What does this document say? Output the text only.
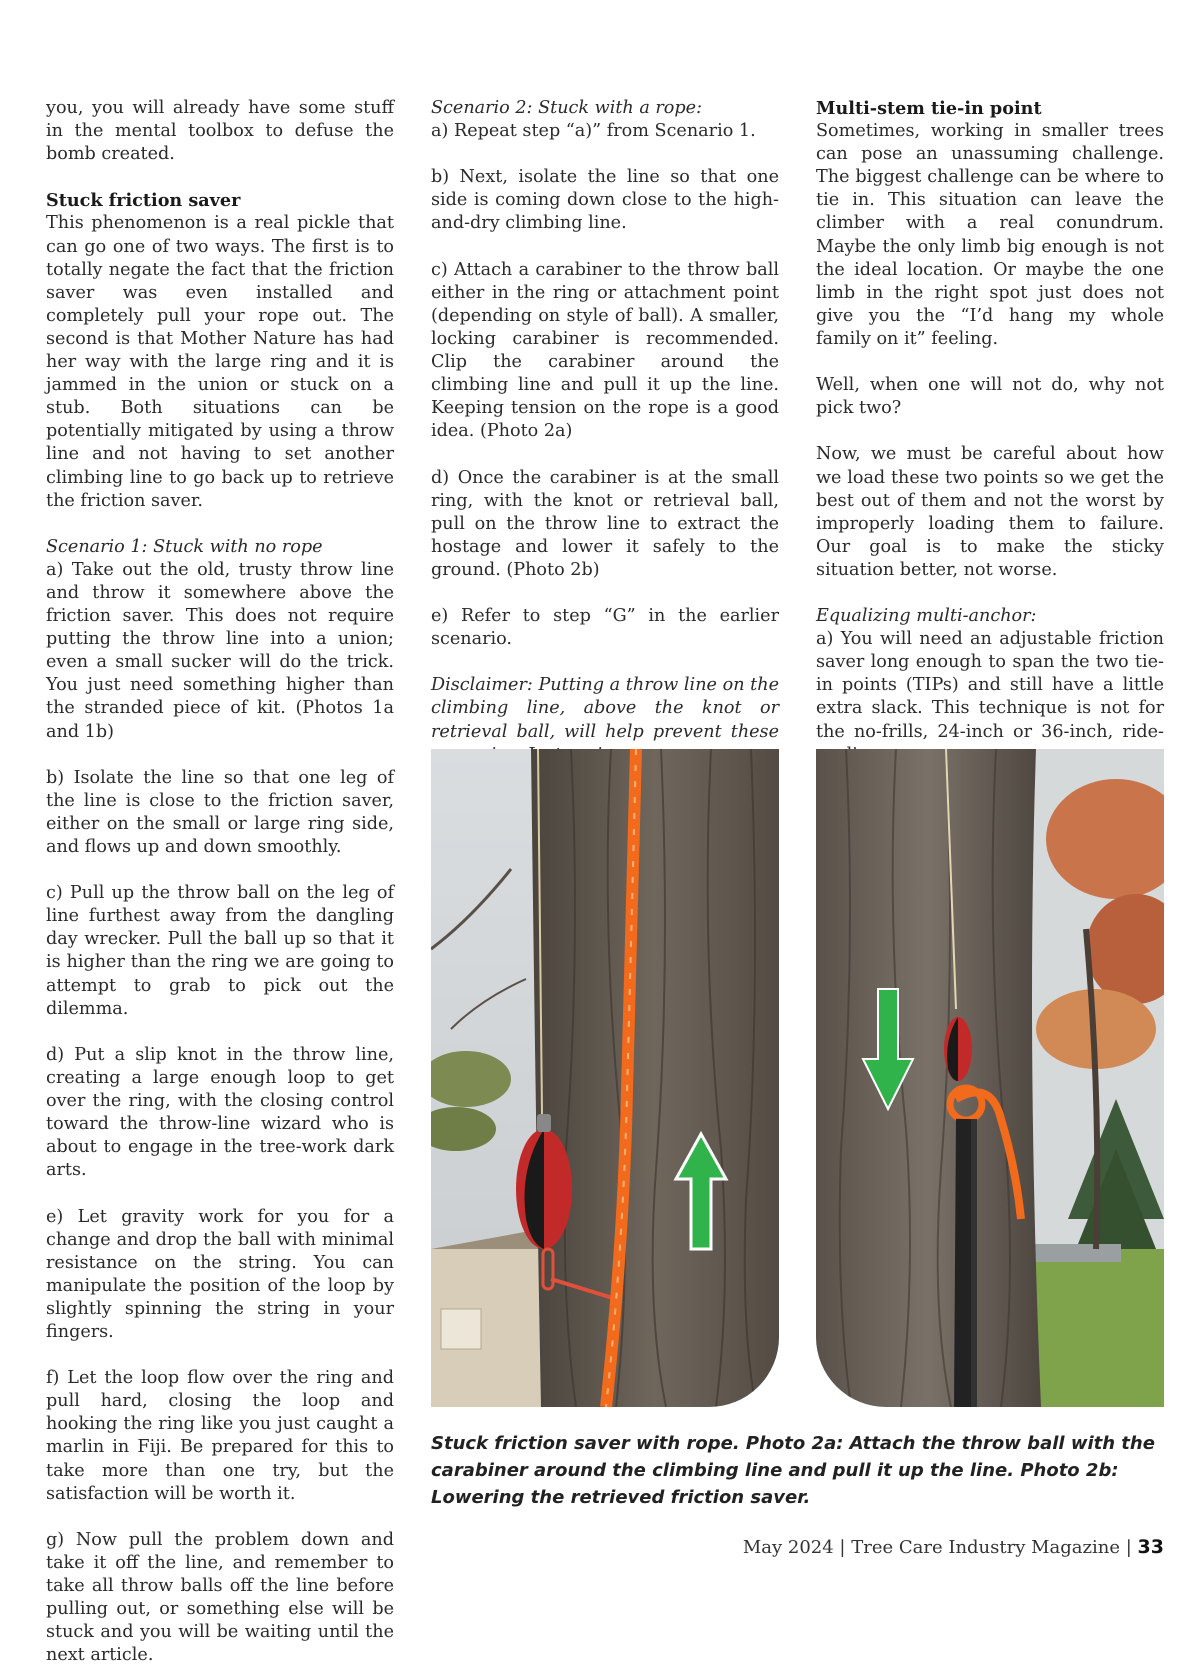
you, you will already have some stuff in the mental toolbox to defuse the bomb created.

Stuck friction saver

This phenomenon is a real pickle that can go one of two ways. The first is to totally negate the fact that the friction saver was even installed and completely pull your rope out. The second is that Mother Nature has had her way with the large ring and it is jammed in the union or stuck on a stub. Both situations can be potentially mitigated by using a throw line and not having to set another climbing line to go back up to retrieve the friction saver.

Scenario 1: Stuck with no rope

a) Take out the old, trusty throw line and throw it somewhere above the friction saver. This does not require putting the throw line into a union; even a small sucker will do the trick. You just need something higher than the stranded piece of kit. (Photos 1a and 1b)

b) Isolate the line so that one leg of the line is close to the friction saver, either on the small or large ring side, and flows up and down smoothly.

c) Pull up the throw ball on the leg of line furthest away from the dangling day wrecker. Pull the ball up so that it is higher than the ring we are going to attempt to grab to pick out the dilemma.

d) Put a slip knot in the throw line, creating a large enough loop to get over the ring, with the closing control toward the throw-line wizard who is about to engage in the tree-work dark arts.

e) Let gravity work for you for a change and drop the ball with minimal resistance on the string. You can manipulate the position of the loop by slightly spinning the string in your fingers.

f) Let the loop flow over the ring and pull hard, closing the loop and hooking the ring like you just caught a marlin in Fiji. Be prepared for this to take more than one try, but the satisfaction will be worth it.

g) Now pull the problem down and take it off the line, and remember to take all throw balls off the line before pulling out, or something else will be stuck and you will be waiting until the next article.

Scenario 2: Stuck with a rope:

a) Repeat step “a)” from Scenario 1.

b) Next, isolate the line so that one side is coming down close to the high-and-dry climbing line.

c) Attach a carabiner to the throw ball either in the ring or attachment point (depending on style of ball). A smaller, locking carabiner is recommended. Clip the carabiner around the climbing line and pull it up the line. Keeping tension on the rope is a good idea. (Photo 2a)

d) Once the carabiner is at the small ring, with the knot or retrieval ball, pull on the throw line to extract the hostage and lower it safely to the ground. (Photo 2b)

e) Refer to step “G” in the earlier scenario.

Disclaimer: Putting a throw line on the climbing line, above the knot or retrieval ball, will help prevent these

Multi-stem tie-in point

Sometimes, working in smaller trees can pose an unassuming challenge. The biggest challenge can be where to tie in. This situation can leave the climber with a real conundrum. Maybe the only limb big enough is not the ideal location. Or maybe the one limb in the right spot just does not give you the “I’d hang my whole family on it” feeling.

Well, when one will not do, why not pick two?

Now, we must be careful about how we load these two points so we get the best out of them and not the worst by improperly loading them to failure. Our goal is to make the sticky situation better, not worse.

Equalizing multi-anchor:

a) You will need an adjustable friction saver long enough to span the two tie-in points (TIPs) and still have a little extra slack. This technique is not for the no-frills, 24-inch or 36-inch, ride-

Stuck friction saver with rope. Photo 2a: Attach the throw ball with the carabiner around the climbing line and pull it up the line. Photo 2b: Lowering the retrieved friction saver.
May 2024 | Tree Care Industry Magazine | 33
